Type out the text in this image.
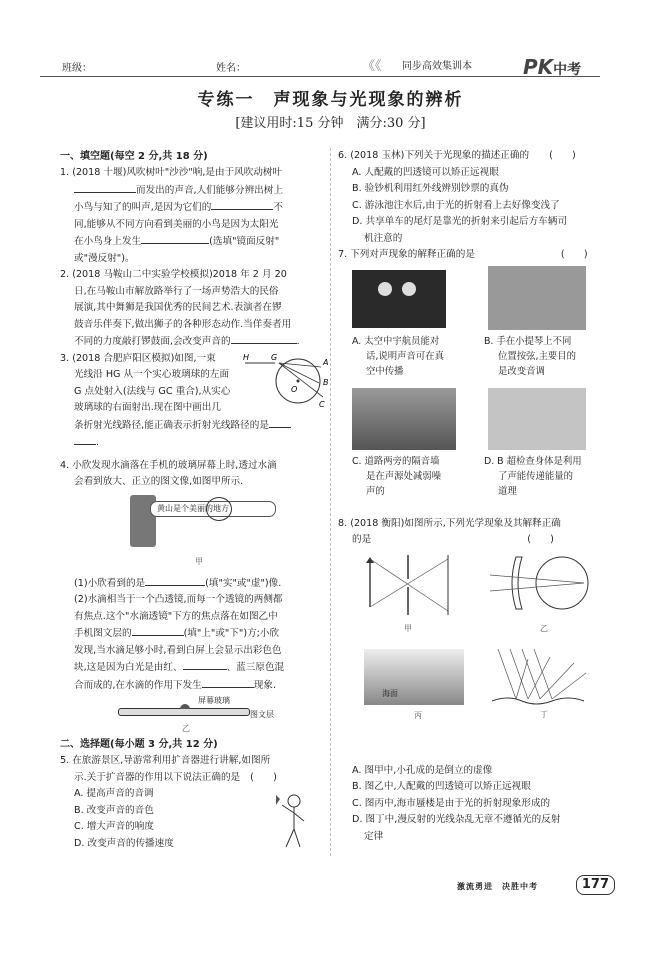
班级：	姓名：	《《 同步高效集训本	PK中考
专练一　声现象与光现象的辨析
[建议用时:15 分钟　满分:30 分]

一、填空题(每空 2 分,共 18 分)

1. (2018 十堰)风吹树叶"沙沙"响,是由于风吹动树叶

而发出的声音,人们能够分辨出树上

小鸟与知了的叫声,是因为它们的	不

同,能够从不同方向看到美丽的小鸟是因为太阳光

在小鸟身上发生	(选填"镜面反射"

或"漫反射")。

2. (2018 马鞍山二中实验学校模拟)2018 年 2 月 20

日,在马鞍山市解放路举行了一场声势浩大的民俗

展演,其中舞狮是我国优秀的民间艺术.表演者在锣

鼓音乐伴奏下,做出狮子的各种形态动作.当佯奏者用

不同的力度敲打锣鼓面,会改变声音的	.

3. (2018 合肥庐阳区模拟)如图,一束

光线沿 HG 从一个实心玻璃球的左面

G 点处射入(法线与 GC 重合),从实心

玻璃球的右面射出.现在图中画出几

条折射光线路径,能正确表示折射光线路径的是

.

H	G
A
B
C
O

4. 小欣发现水滴落在手机的玻璃屏幕上时,透过水滴

会看到放大、正立的图文像,如图甲所示.

黄山是个美丽的地方
甲

(1)小欣看到的是	(填"实"或"虚")像.

(2)水滴相当于一个凸透镜,而每一个透镜的两侧都

有焦点.这个"水滴透镜"下方的焦点落在如图乙中

手机图文层的	(填"上"或"下")方;小欣

发现,当水滴足够小时,看到白屏上会显示出彩色色

块,这是因为白光是由红、	、蓝三原色混

合而成的,在水滴的作用下发生	现象.

屏幕玻璃
图文层
乙

二、选择题(每小题 3 分,共 12 分)

5. 在旅游景区,导游常利用扩音器进行讲解,如图所

示.关于扩音器的作用以下说法正确的是 (　　)

A. 提高声音的音调

B. 改变声音的音色

C. 增大声音的响度

D. 改变声音的传播速度

6. (2018 玉林)下列关于光现象的描述正确的 (　　)

A. 人配戴的凹透镜可以矫正远视眼

B. 验钞机利用红外线辨别钞票的真伪

C. 游泳池注水后,由于光的折射看上去好像变浅了

D. 共享单车的尾灯是靠光的折射来引起后方车辆司

机注意的

7. 下列对声现象的解释正确的是	(　　)

A. 太空中宇航员能对

话,说明声音可在真

空中传播

B. 手在小提琴上不同

位置按弦,主要目的

是改变音调

C. 道路两旁的隔音墙

是在声源处减弱噪

声的

D. B 超检查身体是利用

了声能传递能量的

道理

8. (2018 衡阳)如图所示,下列光学现象及其解释正确

的是	(　　)

甲	乙
海面
丙	丁

A. 图甲中,小孔成的是倒立的虚像

B. 图乙中,人配戴的凹透镜可以矫正远视眼

C. 图丙中,海市蜃楼是由于光的折射现象形成的

D. 图丁中,漫反射的光线杂乱无章不遵循光的反射

定律

激流勇进　决胜中考	177
